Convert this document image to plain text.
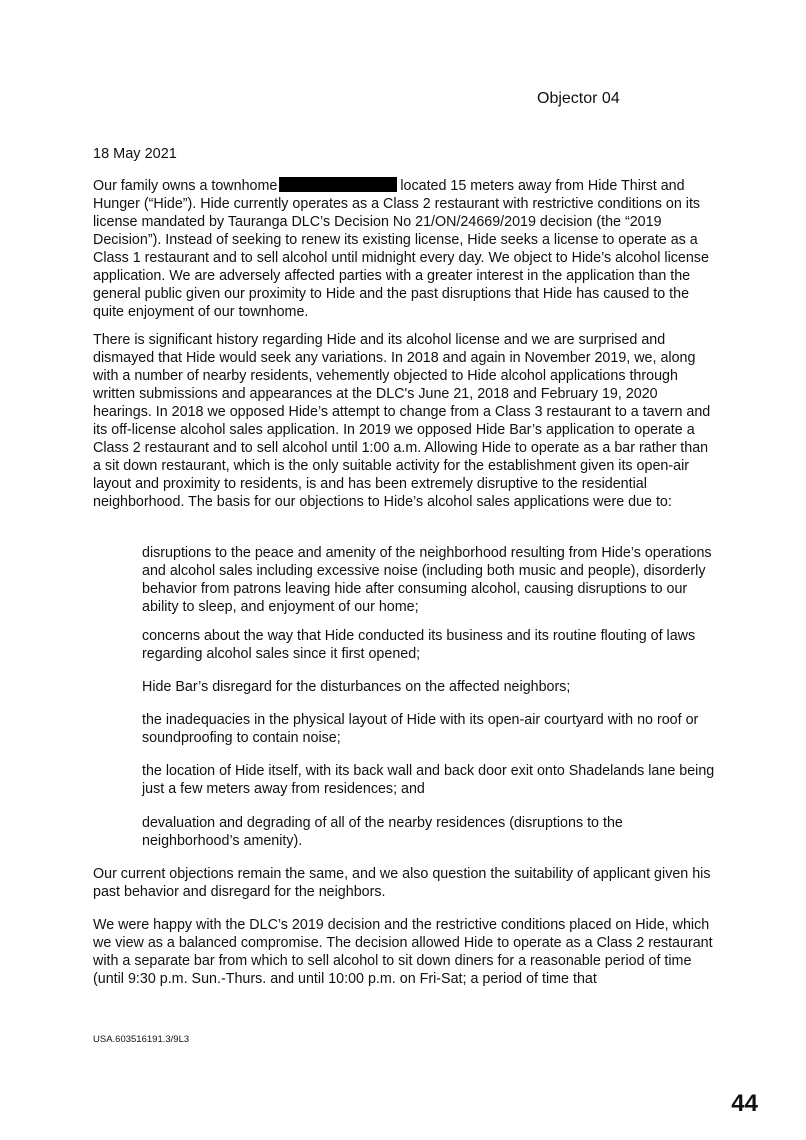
Objector 04
18 May 2021
Our family owns a townhome	located 15 meters away from Hide Thirst and Hunger (“Hide”). Hide currently operates as a Class 2 restaurant with restrictive conditions on its license mandated by Tauranga DLC’s Decision No 21/ON/24669/2019 decision (the “2019 Decision”). Instead of seeking to renew its existing license, Hide seeks a license to operate as a Class 1 restaurant and to sell alcohol until midnight every day. We object to Hide’s alcohol license application. We are adversely affected parties with a greater interest in the application than the general public given our proximity to Hide and the past disruptions that Hide has caused to the quite enjoyment of our townhome.
There is significant history regarding Hide and its alcohol license and we are surprised and dismayed that Hide would seek any variations. In 2018 and again in November 2019, we, along with a number of nearby residents, vehemently objected to Hide alcohol applications through written submissions and appearances at the DLC's June 21, 2018 and February 19, 2020 hearings. In 2018 we opposed Hide’s attempt to change from a Class 3 restaurant to a tavern and its off-license alcohol sales application. In 2019 we opposed Hide Bar’s application to operate a Class 2 restaurant and to sell alcohol until 1:00 a.m. Allowing Hide to operate as a bar rather than a sit down restaurant, which is the only suitable activity for the establishment given its open-air layout and proximity to residents, is and has been extremely disruptive to the residential neighborhood. The basis for our objections to Hide’s alcohol sales applications were due to:
disruptions to the peace and amenity of the neighborhood resulting from Hide’s operations and alcohol sales including excessive noise (including both music and people), disorderly behavior from patrons leaving hide after consuming alcohol, causing disruptions to our ability to sleep, and enjoyment of our home;
concerns about the way that Hide conducted its business and its routine flouting of laws regarding alcohol sales since it first opened;
Hide Bar’s disregard for the disturbances on the affected neighbors;
the inadequacies in the physical layout of Hide with its open-air courtyard with no roof or soundproofing to contain noise;
the location of Hide itself, with its back wall and back door exit onto Shadelands lane being just a few meters away from residences; and
devaluation and degrading of all of the nearby residences (disruptions to the neighborhood’s amenity).
Our current objections remain the same, and we also question the suitability of applicant given his past behavior and disregard for the neighbors.
We were happy with the DLC’s 2019 decision and the restrictive conditions placed on Hide, which we view as a balanced compromise. The decision allowed Hide to operate as a Class 2 restaurant with a separate bar from which to sell alcohol to sit down diners for a reasonable period of time (until 9:30 p.m. Sun.-Thurs. and until 10:00 p.m. on Fri-Sat; a period of time that
USA.603516191.3/9L3
44
